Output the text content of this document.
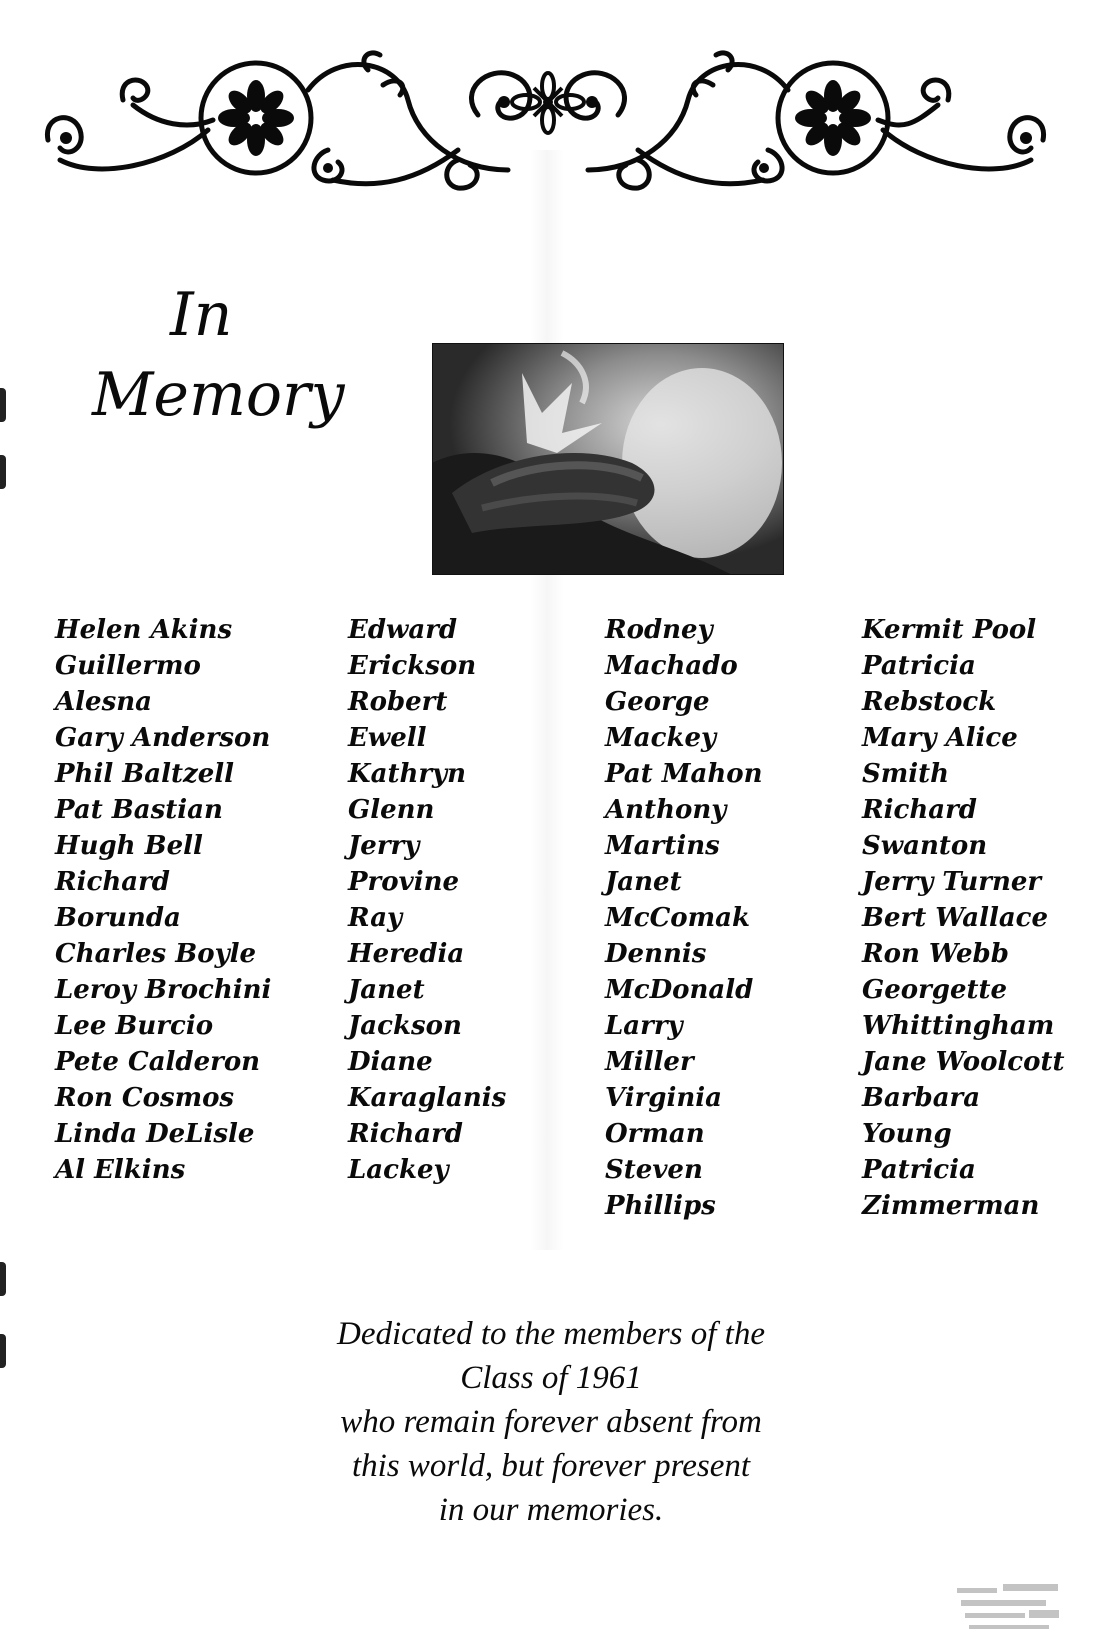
In
Memory
Helen Akins
Guillermo
Alesna
Gary Anderson
Phil Baltzell
Pat Bastian
Hugh Bell
Richard
Borunda
Charles Boyle
Leroy Brochini
Lee Burcio
Pete Calderon
Ron Cosmos
Linda DeLisle
Al Elkins
Edward
Erickson
Robert
Ewell
Kathryn
Glenn
Jerry
Provine
Ray
Heredia
Janet
Jackson
Diane
Karaglanis
Richard
Lackey
Rodney
Machado
George
Mackey
Pat Mahon
Anthony
Martins
Janet
McComak
Dennis
McDonald
Larry
Miller
Virginia
Orman
Steven
Phillips
Kermit Pool
Patricia
Rebstock
Mary Alice
Smith
Richard
Swanton
Jerry Turner
Bert Wallace
Ron Webb
Georgette
Whittingham
Jane Woolcott
Barbara
Young
Patricia
Zimmerman
Dedicated to the members of the
Class of 1961
who remain forever absent from
this world, but forever present
in our memories.
